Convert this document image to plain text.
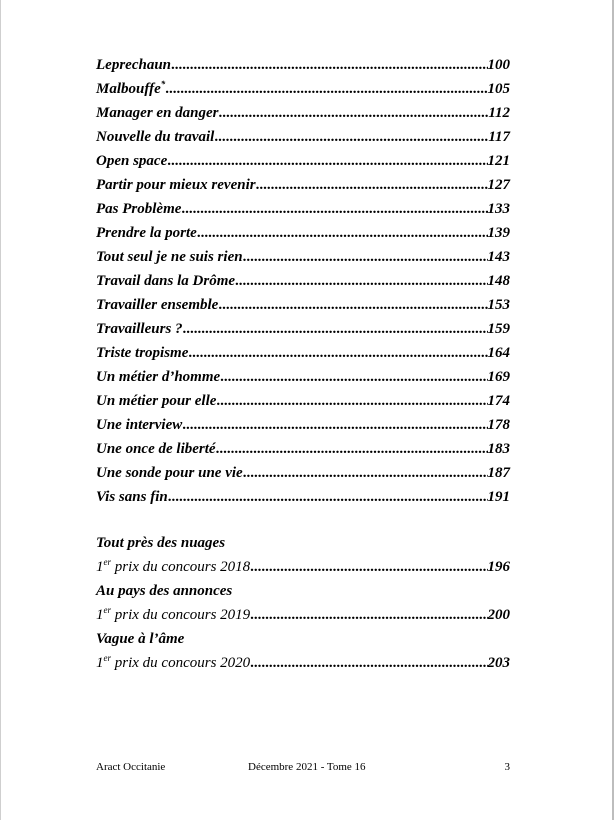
Leprechaun .....	100
Malbouffe* .....	105
Manager en danger .....	112
Nouvelle du travail .....	117
Open space .....	121
Partir pour mieux revenir .....	127
Pas Problème .....	133
Prendre la porte .....	139
Tout seul je ne suis rien .....	143
Travail dans la Drôme .....	148
Travailler ensemble .....	153
Travailleurs ? .....	159
Triste tropisme .....	164
Un métier d’homme .....	169
Un métier pour elle .....	174
Une interview .....	178
Une once de liberté .....	183
Une sonde pour une vie .....	187
Vis sans fin .....	191
Tout près des nuages
1er prix du concours 2018 .....	196
Au pays des annonces
1er prix du concours 2019 .....	200
Vague à l’âme
1er prix du concours 2020 .....	203
Aract Occitanie	Décembre 2021 - Tome 16	3
